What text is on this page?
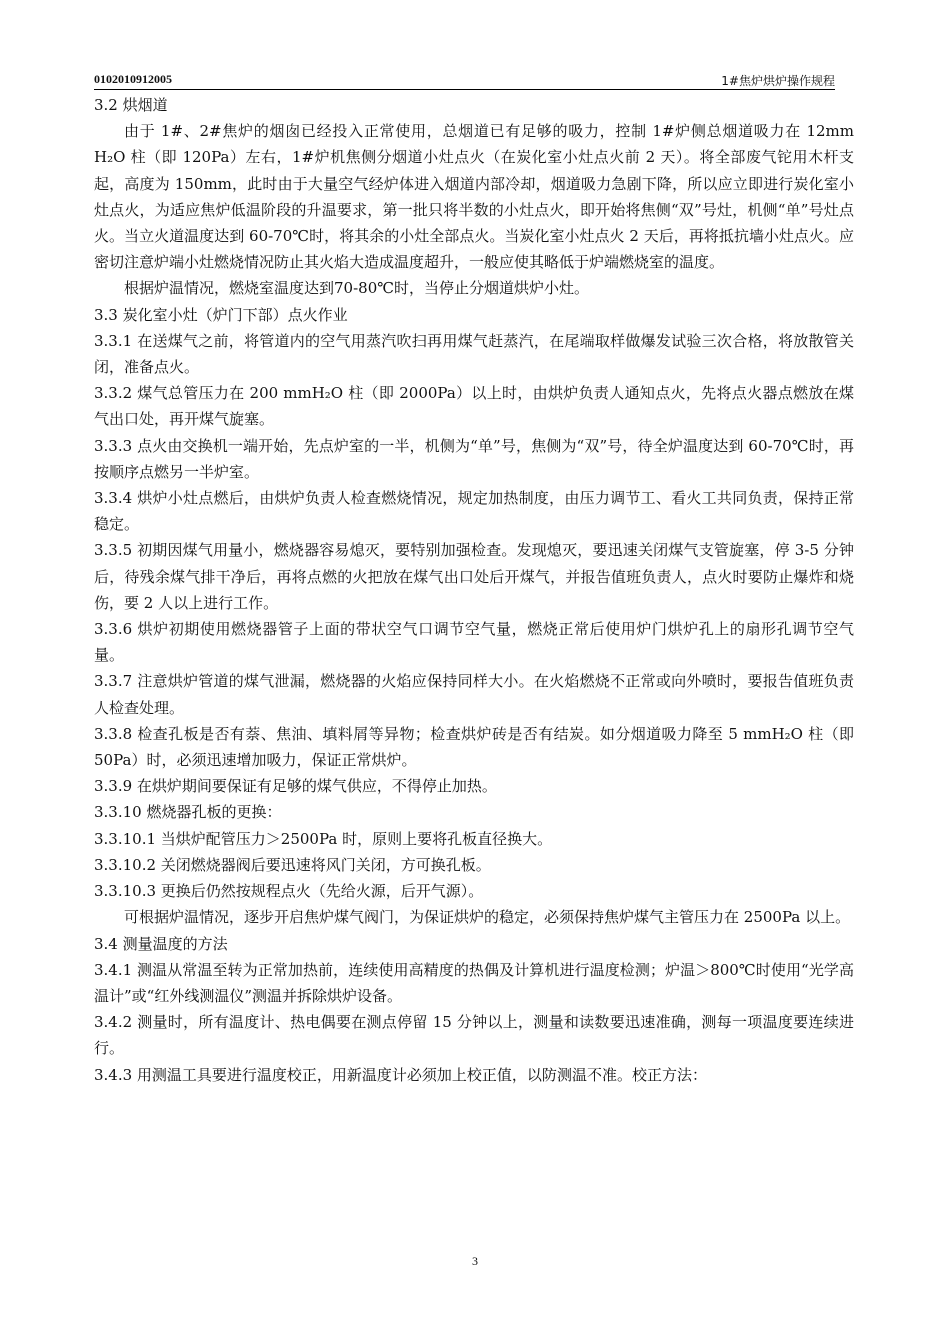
0102010912005	1#焦炉烘炉操作规程

3.2 烘烟道

由于 1#、2#焦炉的烟囱已经投入正常使用，总烟道已有足够的吸力，控制 1#炉侧总烟道吸力在 12mm H₂O 柱（即 120Pa）左右，1#炉机焦侧分烟道小灶点火（在炭化室小灶点火前 2 天）。将全部废气铊用木杆支起，高度为 150mm，此时由于大量空气经炉体进入烟道内部冷却，烟道吸力急剧下降，所以应立即进行炭化室小灶点火，为适应焦炉低温阶段的升温要求，第一批只将半数的小灶点火，即开始将焦侧“双”号灶，机侧“单”号灶点火。当立火道温度达到 60-70℃时，将其余的小灶全部点火。当炭化室小灶点火 2 天后，再将抵抗墙小灶点火。应密切注意炉端小灶燃烧情况防止其火焰大造成温度超升，一般应使其略低于炉端燃烧室的温度。

根据炉温情况，燃烧室温度达到70-80℃时，当停止分烟道烘炉小灶。

3.3 炭化室小灶（炉门下部）点火作业

3.3.1 在送煤气之前，将管道内的空气用蒸汽吹扫再用煤气赶蒸汽，在尾端取样做爆发试验三次合格，将放散管关闭，准备点火。

3.3.2 煤气总管压力在 200 mmH₂O 柱（即 2000Pa）以上时，由烘炉负责人通知点火，先将点火器点燃放在煤气出口处，再开煤气旋塞。

3.3.3 点火由交换机一端开始，先点炉室的一半，机侧为“单”号，焦侧为“双”号，待全炉温度达到 60-70℃时，再按顺序点燃另一半炉室。

3.3.4 烘炉小灶点燃后，由烘炉负责人检查燃烧情况，规定加热制度，由压力调节工、看火工共同负责，保持正常稳定。

3.3.5 初期因煤气用量小，燃烧器容易熄灭，要特别加强检查。发现熄灭，要迅速关闭煤气支管旋塞，停 3-5 分钟后，待残余煤气排干净后，再将点燃的火把放在煤气出口处后开煤气，并报告值班负责人，点火时要防止爆炸和烧伤，要 2 人以上进行工作。

3.3.6 烘炉初期使用燃烧器管子上面的带状空气口调节空气量，燃烧正常后使用炉门烘炉孔上的扇形孔调节空气量。

3.3.7 注意烘炉管道的煤气泄漏，燃烧器的火焰应保持同样大小。在火焰燃烧不正常或向外喷时，要报告值班负责人检查处理。

3.3.8 检查孔板是否有萘、焦油、填料屑等异物；检查烘炉砖是否有结炭。如分烟道吸力降至 5 mmH₂O 柱（即 50Pa）时，必须迅速增加吸力，保证正常烘炉。

3.3.9 在烘炉期间要保证有足够的煤气供应，不得停止加热。

3.3.10 燃烧器孔板的更换：

3.3.10.1 当烘炉配管压力＞2500Pa 时，原则上要将孔板直径换大。

3.3.10.2 关闭燃烧器阀后要迅速将风门关闭，方可换孔板。

3.3.10.3 更换后仍然按规程点火（先给火源，后开气源）。

可根据炉温情况，逐步开启焦炉煤气阀门，为保证烘炉的稳定，必须保持焦炉煤气主管压力在 2500Pa 以上。

3.4 测量温度的方法

3.4.1 测温从常温至转为正常加热前，连续使用高精度的热偶及计算机进行温度检测；炉温＞800℃时使用“光学高温计”或“红外线测温仪”测温并拆除烘炉设备。

3.4.2 测量时，所有温度计、热电偶要在测点停留 15 分钟以上，测量和读数要迅速准确，测每一项温度要连续进行。

3.4.3 用测温工具要进行温度校正，用新温度计必须加上校正值，以防测温不准。校正方法：

3
